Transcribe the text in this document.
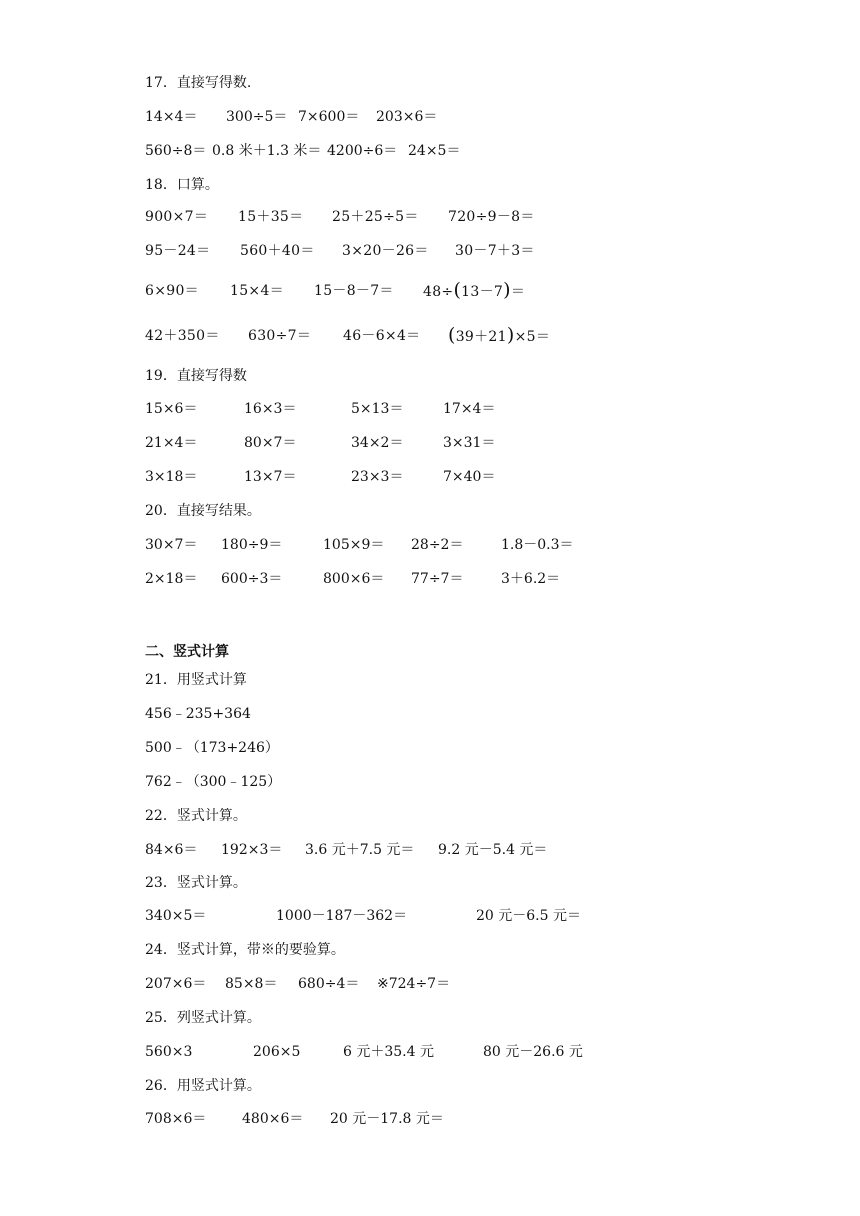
17．直接写得数.
14×4＝ 300÷5＝ 7×600＝ 203×6＝
560÷8＝ 0.8 米＋1.3 米＝ 4200÷6＝ 24×5＝
18．口算。
900×7＝ 15＋35＝ 25＋25÷5＝ 720÷9－8＝
95－24＝ 560＋40＝ 3×20－26＝ 30－7＋3＝
6×90＝ 15×4＝ 15－8－7＝ 48÷(13－7)＝
42＋350＝ 630÷7＝ 46－6×4＝ (39＋21)×5＝
19．直接写得数
15×6＝	16×3＝	5×13＝	17×4＝
21×4＝	80×7＝	34×2＝	3×31＝
3×18＝	13×7＝	23×3＝	7×40＝
20．直接写结果。
30×7＝ 180÷9＝	105×9＝ 28÷2＝	1.8－0.3＝
2×18＝ 600÷3＝	800×6＝ 77÷7＝	3＋6.2＝
二、竖式计算
21．用竖式计算
456﹣235+364
500﹣（173+246）
762﹣（300﹣125）
22．竖式计算。
84×6＝ 192×3＝ 3.6 元＋7.5 元＝ 9.2 元－5.4 元＝
23．竖式计算。
340×5＝	1000－187－362＝	20 元－6.5 元＝
24．竖式计算，带※的要验算。
207×6＝ 85×8＝ 680÷4＝ ※724÷7＝
25．列竖式计算。
560×3	206×5	6 元＋35.4 元	80 元－26.6 元
26．用竖式计算。
708×6＝	480×6＝ 20 元－17.8 元＝
